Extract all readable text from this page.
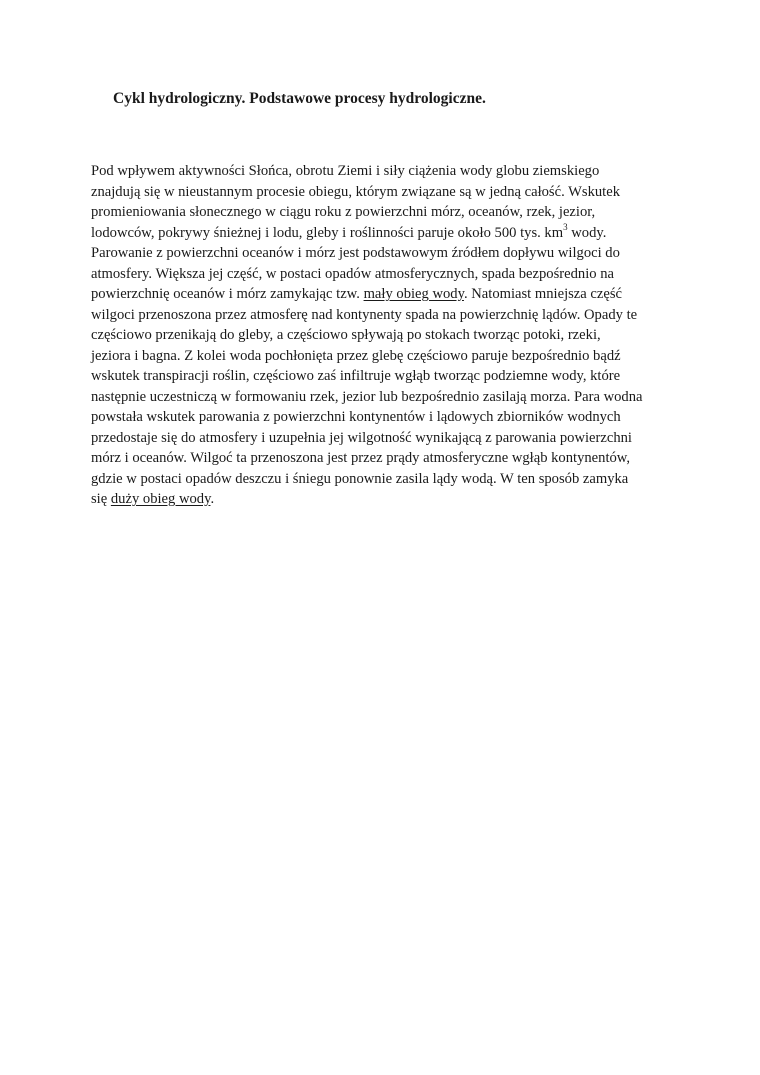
Cykl hydrologiczny. Podstawowe procesy hydrologiczne.
Pod wpływem aktywności Słońca, obrotu Ziemi i siły ciążenia wody globu ziemskiego
znajdują się w nieustannym procesie obiegu, którym związane są w jedną całość. Wskutek
promieniowania słonecznego w ciągu roku z powierzchni mórz, oceanów, rzek, jezior,
lodowców, pokrywy śnieżnej i lodu, gleby i roślinności paruje około 500 tys. $km^3$ wody.
Parowanie z powierzchni oceanów i mórz jest podstawowym źródłem dopływu wilgoci do
atmosfery. Większa jej część, w postaci opadów atmosferycznych, spada bezpośrednio na
powierzchnię oceanów i mórz zamykając tzw. mały obieg wody. Natomiast mniejsza część
wilgoci przenoszona przez atmosferę nad kontynenty spada na powierzchnię lądów. Opady te
częściowo przenikają do gleby, a częściowo spływają po stokach tworząc potoki, rzeki,
jeziora i bagna. Z kolei woda pochłonięta przez glebę częściowo paruje bezpośrednio bądź
wskutek transpiracji roślin, częściowo zaś infiltruje wgłąb tworząc podziemne wody, które
następnie uczestniczą w formowaniu rzek, jezior lub bezpośrednio zasilają morza. Para wodna
powstała wskutek parowania z powierzchni kontynentów i lądowych zbiorników wodnych
przedostaje się do atmosfery i uzupełnia jej wilgotność wynikającą z parowania powierzchni
mórz i oceanów. Wilgoć ta przenoszona jest przez prądy atmosferyczne wgłąb kontynentów,
gdzie w postaci opadów deszczu i śniegu ponownie zasila lądy wodą. W ten sposób zamyka
się duży obieg wody.
